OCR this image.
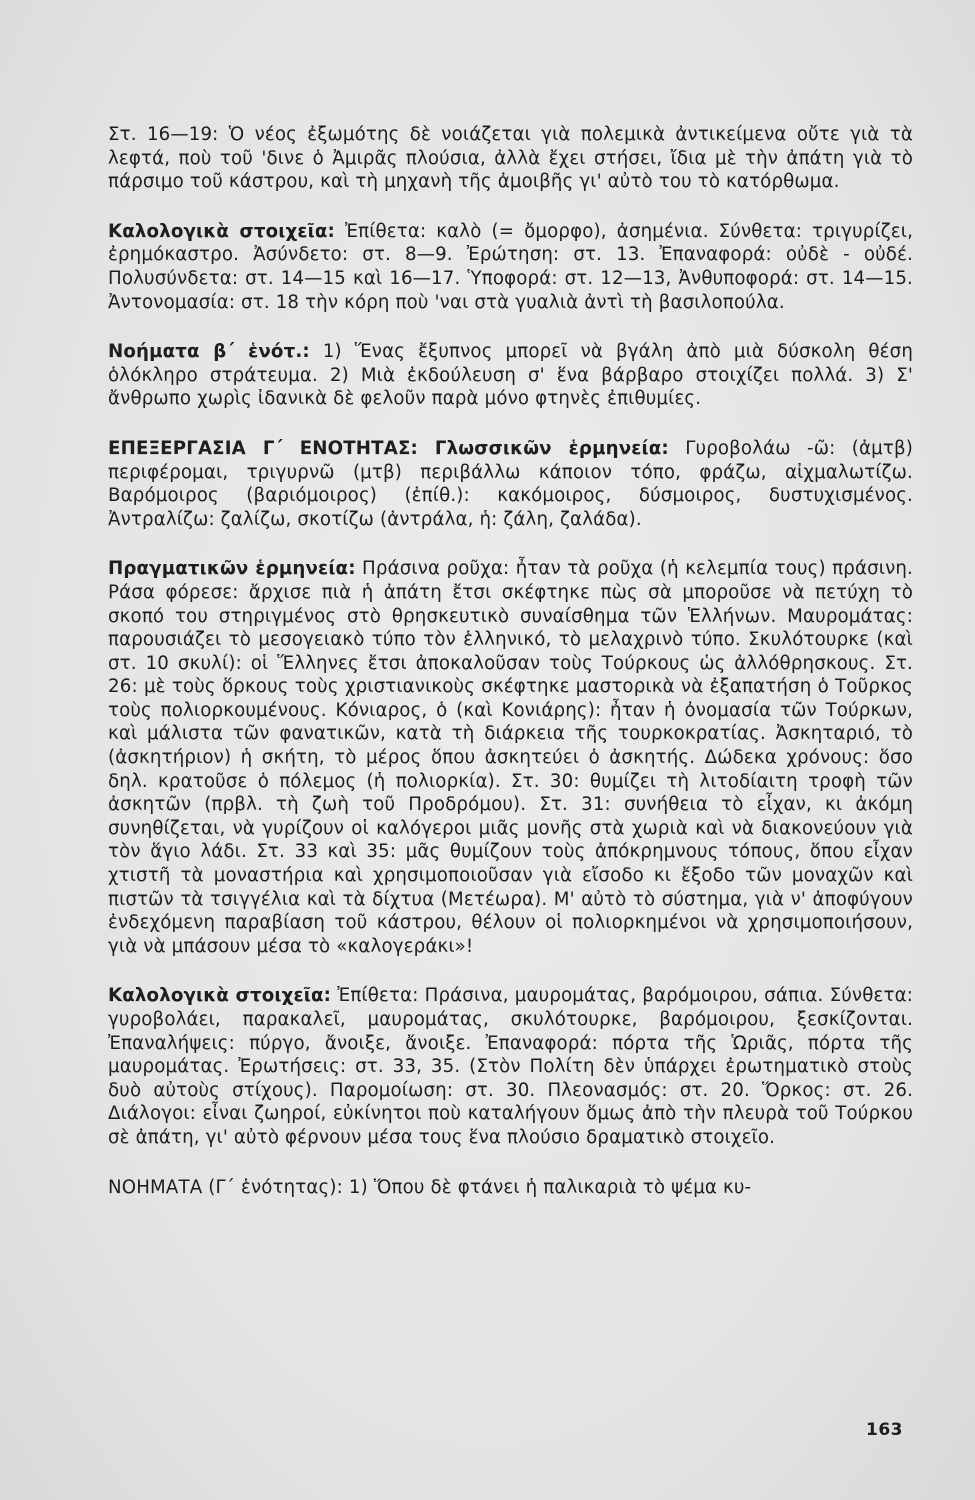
Στ. 16—19: Ὁ νέος ἐξωμότης δὲ νοιάζεται γιὰ πολεμικὰ ἀντικείμενα οὔτε γιὰ τὰ λεφτά, ποὺ τοῦ 'δινε ὁ Ἀμιρᾶς πλούσια, ἀλλὰ ἔχει στήσει, ἴδια μὲ τὴν ἀπάτη γιὰ τὸ πάρσιμο τοῦ κάστρου, καὶ τὴ μηχανὴ τῆς ἀμοιβῆς γι' αὐτὸ του τὸ κατόρθωμα.

Καλολογικὰ στοιχεῖα: Ἐπίθετα: καλὸ (= ὄμορφο), ἀσημένια. Σύνθετα: τριγυρίζει, ἐρημόκαστρο. Ἀσύνδετο: στ. 8—9. Ἐρώτηση: στ. 13. Ἐπαναφορά: οὐδὲ - οὐδέ. Πολυσύνδετα: στ. 14—15 καὶ 16—17. Ὑποφορά: στ. 12—13, Ἀνθυποφορά: στ. 14—15. Ἀντονομασία: στ. 18 τὴν κόρη ποὺ 'ναι στὰ γυαλιὰ ἀντὶ τὴ βασιλοπούλα.

Νοήματα β΄ ἑνότ.: 1) Ἕνας ἔξυπνος μπορεῖ νὰ βγάλη ἀπὸ μιὰ δύσκολη θέση ὁλόκληρο στράτευμα. 2) Μιὰ ἐκδούλευση σ' ἕνα βάρβαρο στοιχίζει πολλά. 3) Σ' ἄνθρωπο χωρὶς ἰδανικὰ δὲ φελοῦν παρὰ μόνο φτηνὲς ἐπιθυμίες.

ΕΠΕΞΕΡΓΑΣΙΑ Γ΄ ΕΝΟΤΗΤΑΣ: Γλωσσικῶν ἑρμηνεία: Γυροβολάω -ῶ: (ἀμτβ) περιφέρομαι, τριγυρνῶ (μτβ) περιβάλλω κάποιον τόπο, φράζω, αἰχμαλωτίζω. Βαρόμοιρος (βαριόμοιρος) (ἐπίθ.): κακόμοιρος, δύσμοιρος, δυστυχισμένος. Ἀντραλίζω: ζαλίζω, σκοτίζω (ἀντράλα, ἡ: ζάλη, ζαλάδα).

Πραγματικῶν ἑρμηνεία: Πράσινα ροῦχα: ἦταν τὰ ροῦχα (ἡ κελεμπία τους) πράσινη. Ράσα φόρεσε: ἄρχισε πιὰ ἡ ἀπάτη ἔτσι σκέφτηκε πὼς σὰ μποροῦσε νὰ πετύχη τὸ σκοπό του στηριγμένος στὸ θρησκευτικὸ συναίσθημα τῶν Ἑλλήνων. Μαυρομάτας: παρουσιάζει τὸ μεσογειακὸ τύπο τὸν ἑλληνικό, τὸ μελαχρινὸ τύπο. Σκυλότουρκε (καὶ στ. 10 σκυλί): οἱ Ἕλληνες ἔτσι ἀποκαλοῦσαν τοὺς Τούρκους ὡς ἀλλόθρησκους. Στ. 26: μὲ τοὺς ὅρκους τοὺς χριστιανικοὺς σκέφτηκε μαστορικὰ νὰ ἐξαπατήση ὁ Τοῦρκος τοὺς πολιορκουμένους. Κόνιαρος, ὁ (καὶ Κονιάρης): ἦταν ἡ ὀνομασία τῶν Τούρκων, καὶ μάλιστα τῶν φανατικῶν, κατὰ τὴ διάρκεια τῆς τουρκοκρατίας. Ἀσκηταριό, τὸ (ἀσκητήριον) ἡ σκήτη, τὸ μέρος ὅπου ἀσκητεύει ὁ ἀσκητής. Δώδεκα χρόνους: ὅσο δηλ. κρατοῦσε ὁ πόλεμος (ἡ πολιορκία). Στ. 30: θυμίζει τὴ λιτοδίαιτη τροφὴ τῶν ἀσκητῶν (πρβλ. τὴ ζωὴ τοῦ Προδρόμου). Στ. 31: συνήθεια τὸ εἶχαν, κι ἀκόμη συνηθίζεται, νὰ γυρίζουν οἱ καλόγεροι μιᾶς μονῆς στὰ χωριὰ καὶ νὰ διακονεύουν γιὰ τὸν ἅγιο λάδι. Στ. 33 καὶ 35: μᾶς θυμίζουν τοὺς ἀπόκρημνους τόπους, ὅπου εἶχαν χτιστῆ τὰ μοναστήρια καὶ χρησιμοποιοῦσαν γιὰ εἴσοδο κι ἔξοδο τῶν μοναχῶν καὶ πιστῶν τὰ τσιγγέλια καὶ τὰ δίχτυα (Μετέωρα). Μ' αὐτὸ τὸ σύστημα, γιὰ ν' ἀποφύγουν ἐνδεχόμενη παραβίαση τοῦ κάστρου, θέλουν οἱ πολιορκημένοι νὰ χρησιμοποιήσουν, γιὰ νὰ μπάσουν μέσα τὸ «καλογεράκι»!

Καλολογικὰ στοιχεῖα: Ἐπίθετα: Πράσινα, μαυρομάτας, βαρόμοιρου, σάπια. Σύνθετα: γυροβολάει, παρακαλεῖ, μαυρομάτας, σκυλότουρκε, βαρόμοιρου, ξεσκίζονται. Ἐπαναλήψεις: πύργο, ἄνοιξε, ἄνοιξε. Ἐπαναφορά: πόρτα τῆς Ὡριᾶς, πόρτα τῆς μαυρομάτας. Ἐρωτήσεις: στ. 33, 35. (Στὸν Πολίτη δὲν ὑπάρχει ἐρωτηματικὸ στοὺς δυὸ αὐτοὺς στίχους). Παρομοίωση: στ. 30. Πλεονασμός: στ. 20. Ὅρκος: στ. 26. Διάλογοι: εἶναι ζωηροί, εὐκίνητοι ποὺ καταλήγουν ὅμως ἀπὸ τὴν πλευρὰ τοῦ Τούρκου σὲ ἀπάτη, γι' αὐτὸ φέρνουν μέσα τους ἕνα πλούσιο δραματικὸ στοιχεῖο.

ΝΟΗΜΑΤΑ (Γ΄ ἑνότητας): 1) Ὅπου δὲ φτάνει ἡ παλικαριὰ τὸ ψέμα κυ-

163
